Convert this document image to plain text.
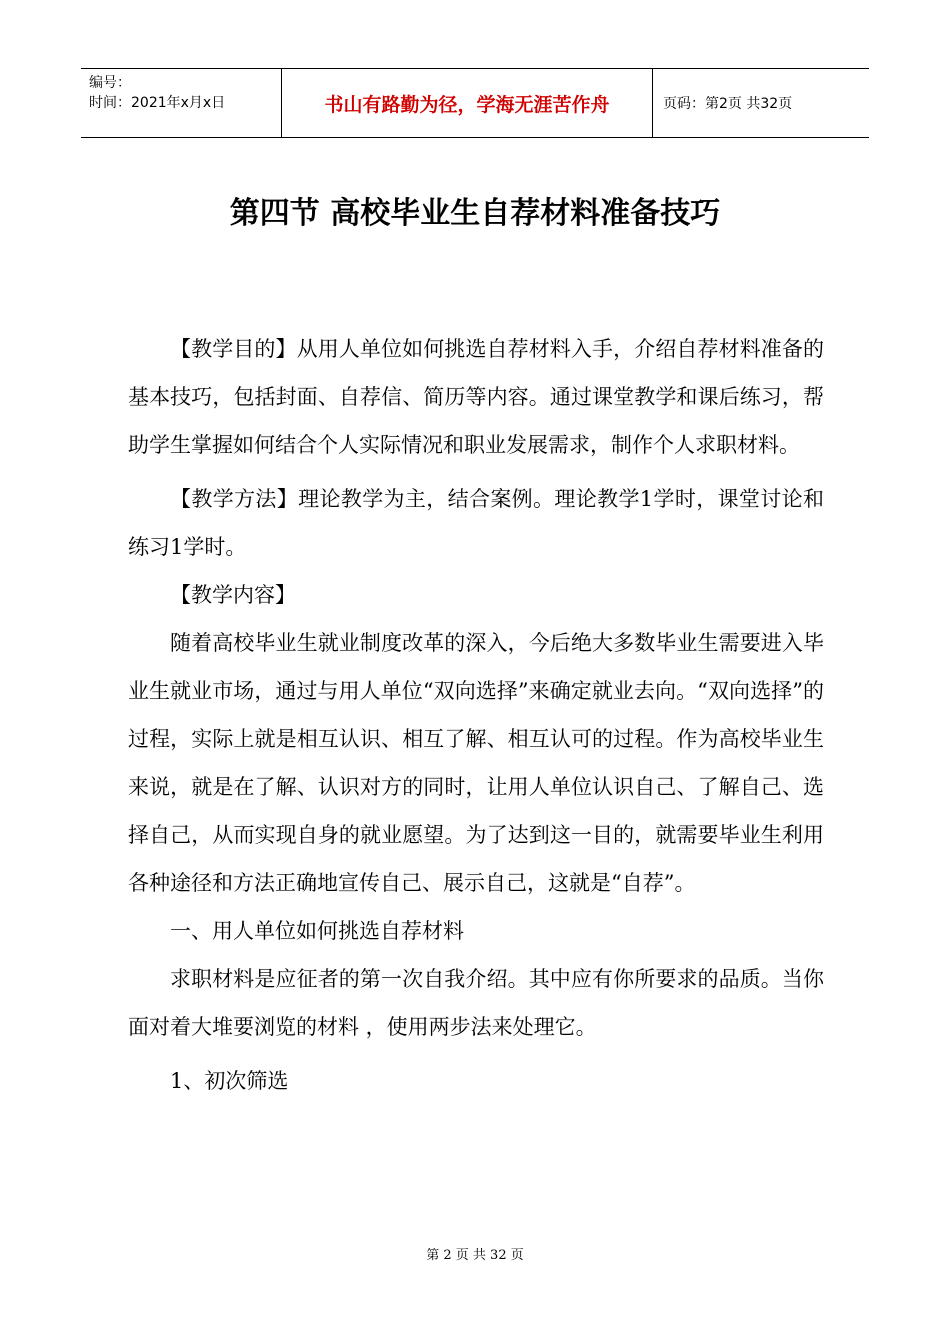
编号：
时间：2021年x月x日	书山有路勤为径，学海无涯苦作舟	页码：第2页 共32页
第四节 高校毕业生自荐材料准备技巧

【教学目的】从用人单位如何挑选自荐材料入手，介绍自荐材料准备的基本技巧，包括封面、自荐信、简历等内容。通过课堂教学和课后练习，帮助学生掌握如何结合个人实际情况和职业发展需求，制作个人求职材料。

【教学方法】理论教学为主，结合案例。理论教学1学时，课堂讨论和练习1学时。

【教学内容】

随着高校毕业生就业制度改革的深入，今后绝大多数毕业生需要进入毕业生就业市场，通过与用人单位“双向选择”来确定就业去向。“双向选择”的过程，实际上就是相互认识、相互了解、相互认可的过程。作为高校毕业生来说，就是在了解、认识对方的同时，让用人单位认识自己、了解自己、选择自己，从而实现自身的就业愿望。为了达到这一目的，就需要毕业生利用各种途径和方法正确地宣传自己、展示自己，这就是“自荐”。

一、用人单位如何挑选自荐材料

求职材料是应征者的第一次自我介绍。其中应有你所要求的品质。当你面对着大堆要浏览的材料 ，使用两步法来处理它。

1、初次筛选

第 2 页 共 32 页
